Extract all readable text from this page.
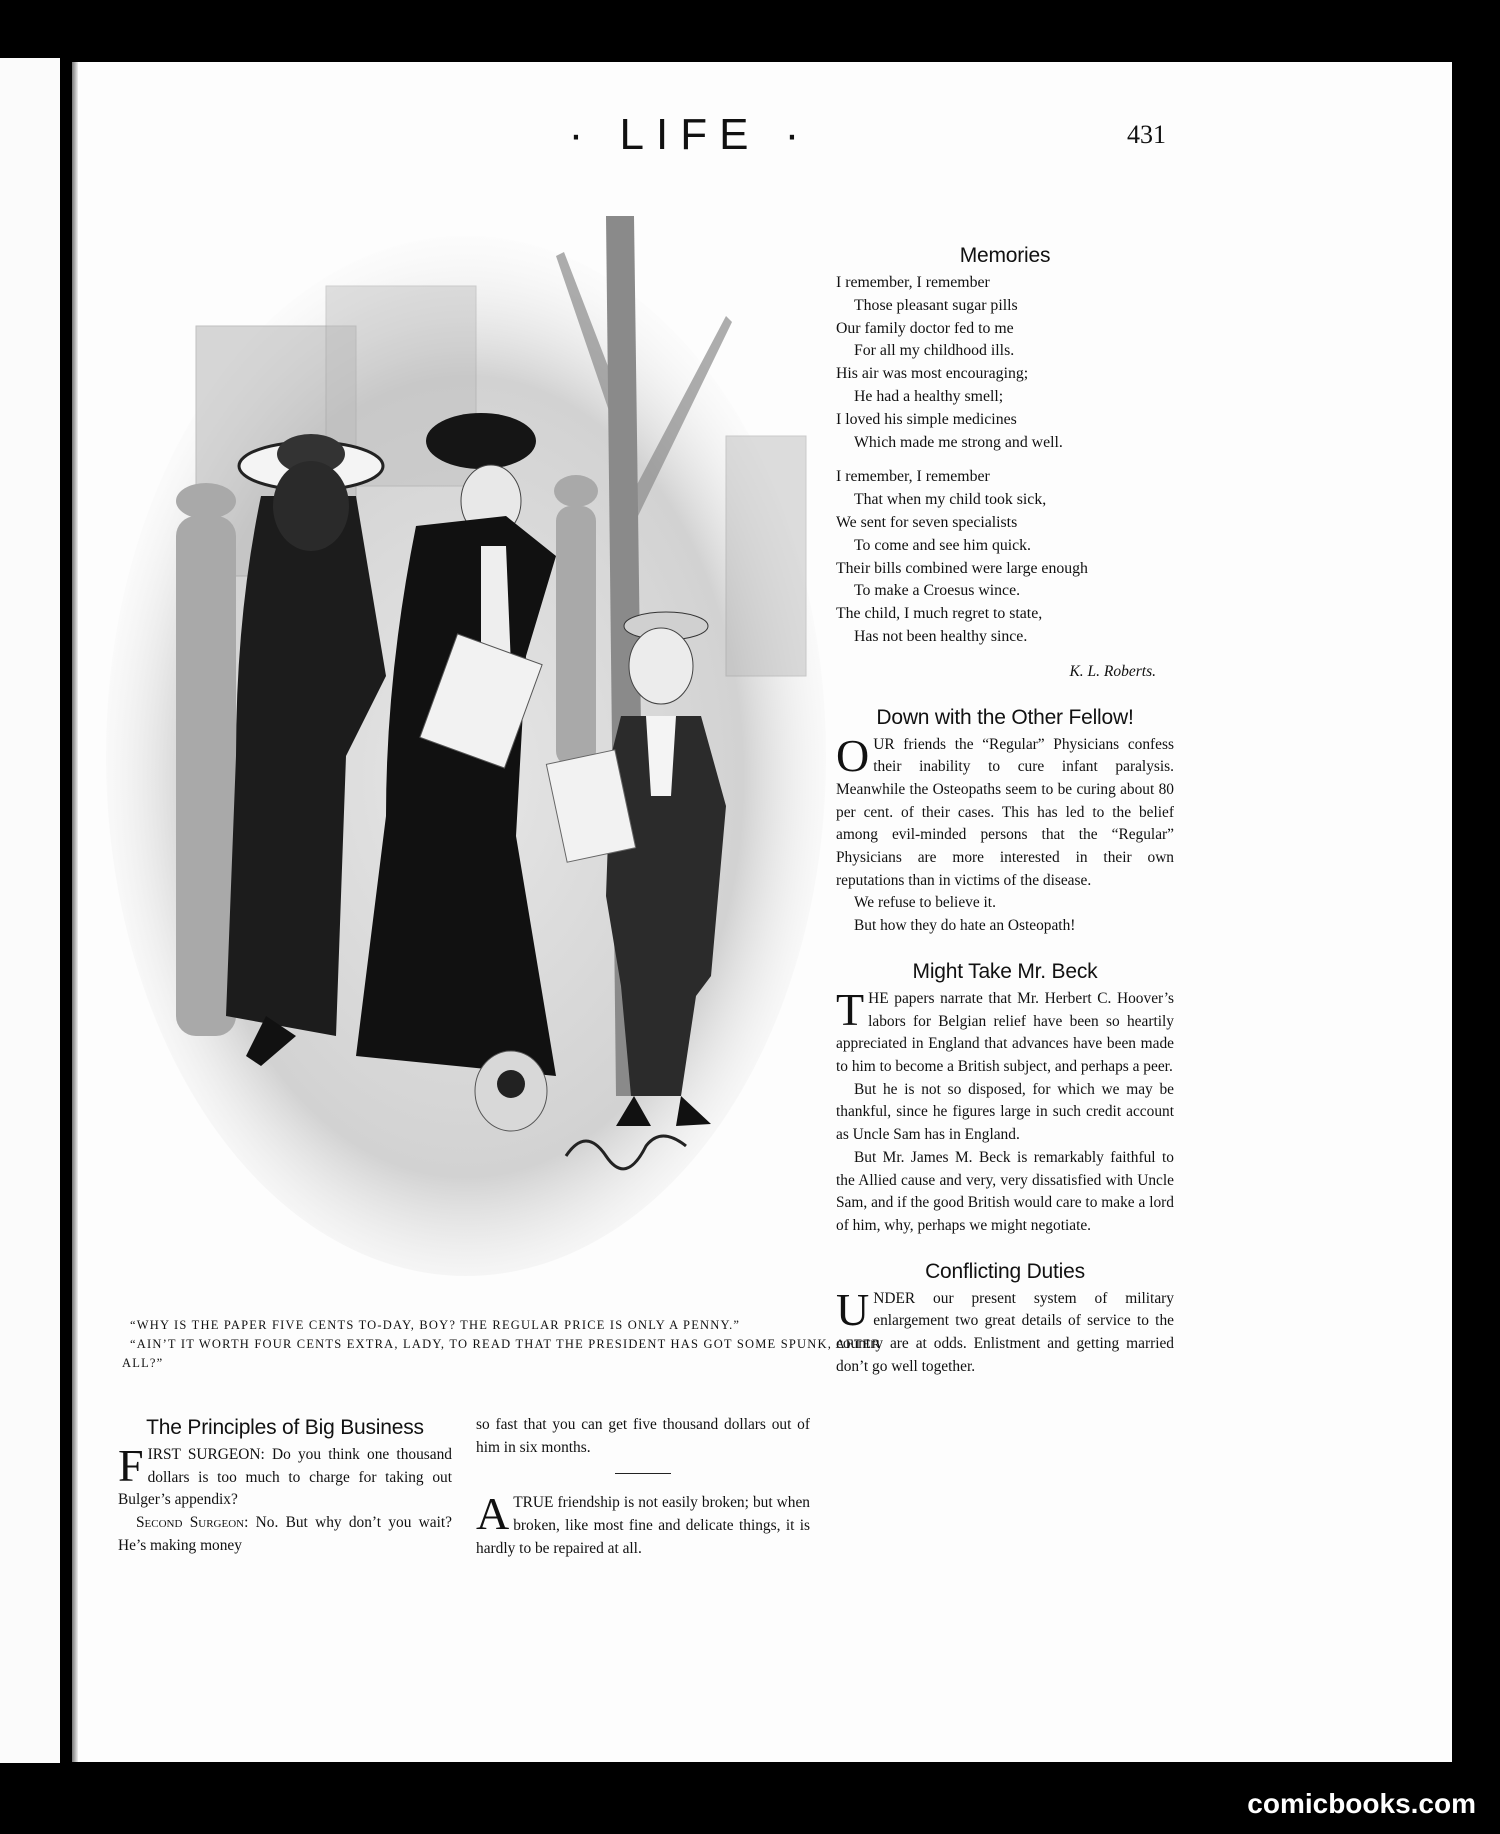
· LIFE ·	431

“WHY IS THE PAPER FIVE CENTS TO-DAY, BOY? THE REGULAR PRICE IS ONLY A PENNY.”

“AIN’T IT WORTH FOUR CENTS EXTRA, LADY, TO READ THAT THE PRESIDENT HAS GOT SOME SPUNK, AFTER ALL?”

Memories
I remember, I remember
Those pleasant sugar pills
Our family doctor fed to me
For all my childhood ills.
His air was most encouraging;
He had a healthy smell;
I loved his simple medicines
Which made me strong and well.
I remember, I remember
That when my child took sick,
We sent for seven specialists
To come and see him quick.
Their bills combined were large enough
To make a Croesus wince.
The child, I much regret to state,
Has not been healthy since.
K. L. Roberts.
Down with the Other Fellow!

OUR friends the “Regular” Physicians confess their inability to cure infant paralysis. Meanwhile the Osteopaths seem to be curing about 80 per cent. of their cases. This has led to the belief among evil-minded persons that the “Regular” Physicians are more interested in their own reputations than in victims of the disease.

We refuse to believe it.

But how they do hate an Osteopath!

Might Take Mr. Beck

THE papers narrate that Mr. Herbert C. Hoover’s labors for Belgian relief have been so heartily appreciated in England that advances have been made to him to become a British subject, and perhaps a peer.

But he is not so disposed, for which we may be thankful, since he figures large in such credit account as Uncle Sam has in England.

But Mr. James M. Beck is remarkably faithful to the Allied cause and very, very dissatisfied with Uncle Sam, and if the good British would care to make a lord of him, why, perhaps we might negotiate.

Conflicting Duties

UNDER our present system of military enlargement two great details of service to the country are at odds. Enlistment and getting married don’t go well together.

The Principles of Big Business

FIRST SURGEON: Do you think one thousand dollars is too much to charge for taking out Bulger’s appendix?

Second Surgeon: No. But why don’t you wait? He’s making money

so fast that you can get five thousand dollars out of him in six months.

A TRUE friendship is not easily broken; but when broken, like most fine and delicate things, it is hardly to be repaired at all.

comicbooks.com
